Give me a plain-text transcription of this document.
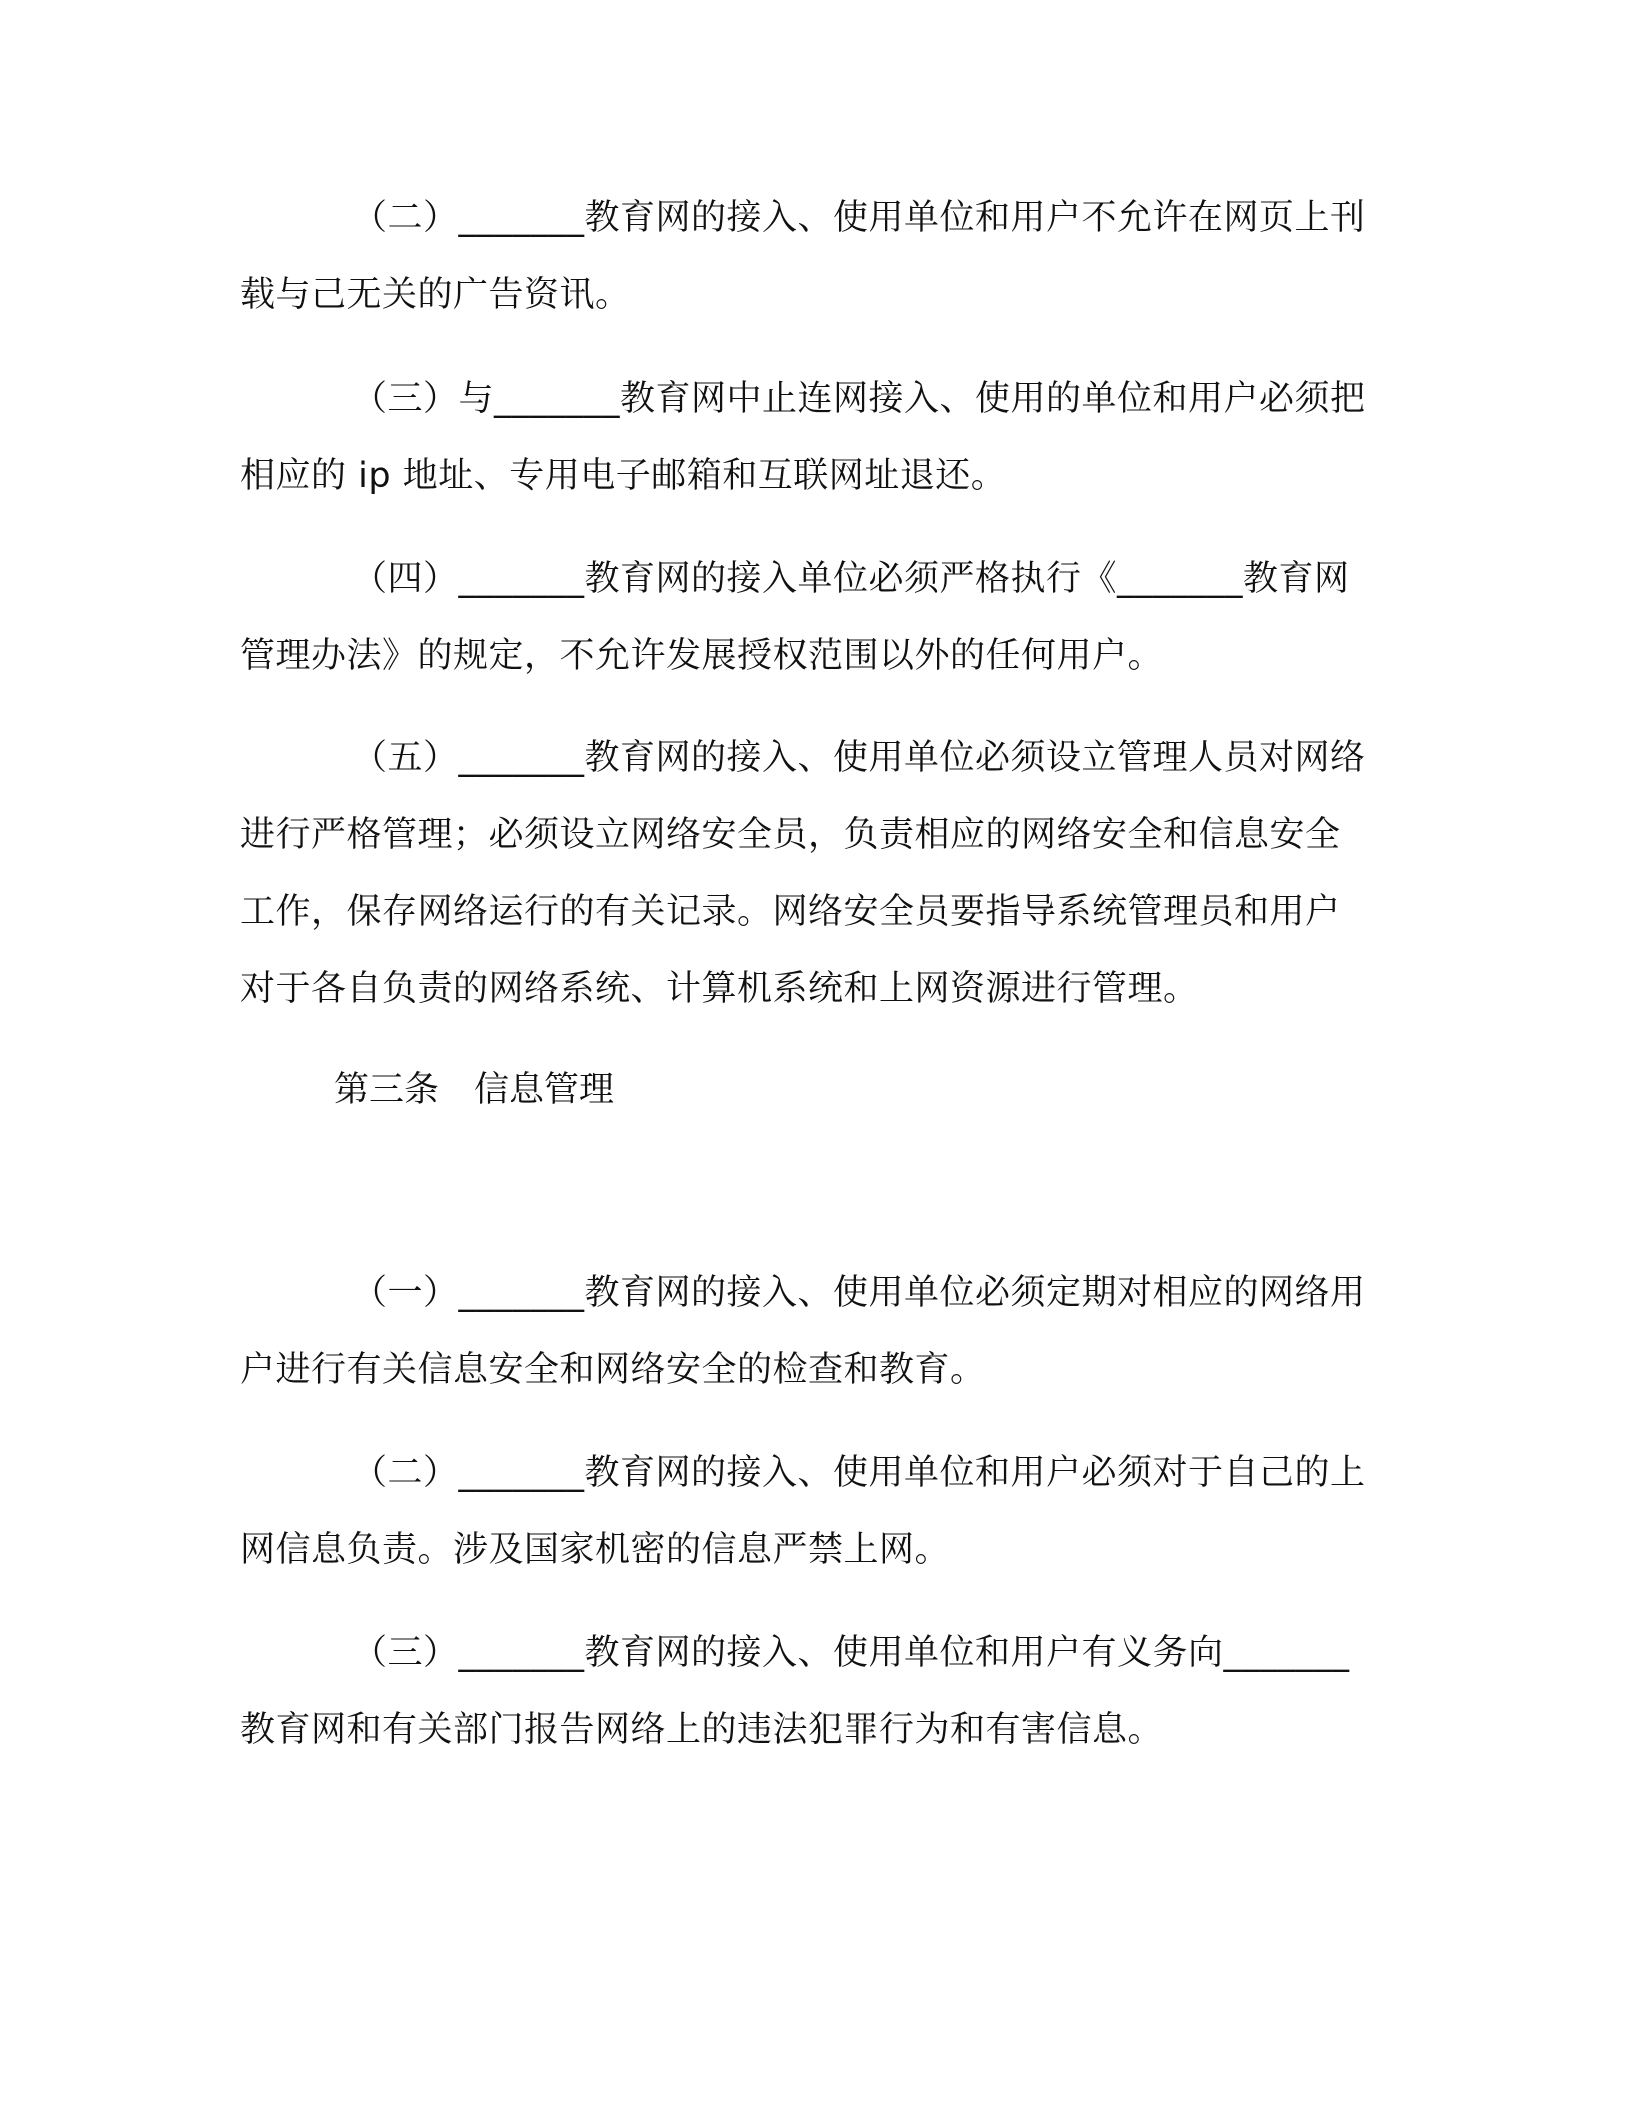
（二）_______教育网的接入、使用单位和用户不允许在网页上刊载与己无关的广告资讯。

（三）与_______教育网中止连网接入、使用的单位和用户必须把相应的 ip 地址、专用电子邮箱和互联网址退还。

（四）_______教育网的接入单位必须严格执行《_______教育网管理办法》的规定，不允许发展授权范围以外的任何用户。

（五）_______教育网的接入、使用单位必须设立管理人员对网络进行严格管理；必须设立网络安全员，负责相应的网络安全和信息安全工作，保存网络运行的有关记录。网络安全员要指导系统管理员和用户对于各自负责的网络系统、计算机系统和上网资源进行管理。

第三条　信息管理

（一）_______教育网的接入、使用单位必须定期对相应的网络用户进行有关信息安全和网络安全的检查和教育。

（二）_______教育网的接入、使用单位和用户必须对于自己的上网信息负责。涉及国家机密的信息严禁上网。

（三）_______教育网的接入、使用单位和用户有义务向_______教育网和有关部门报告网络上的违法犯罪行为和有害信息。
